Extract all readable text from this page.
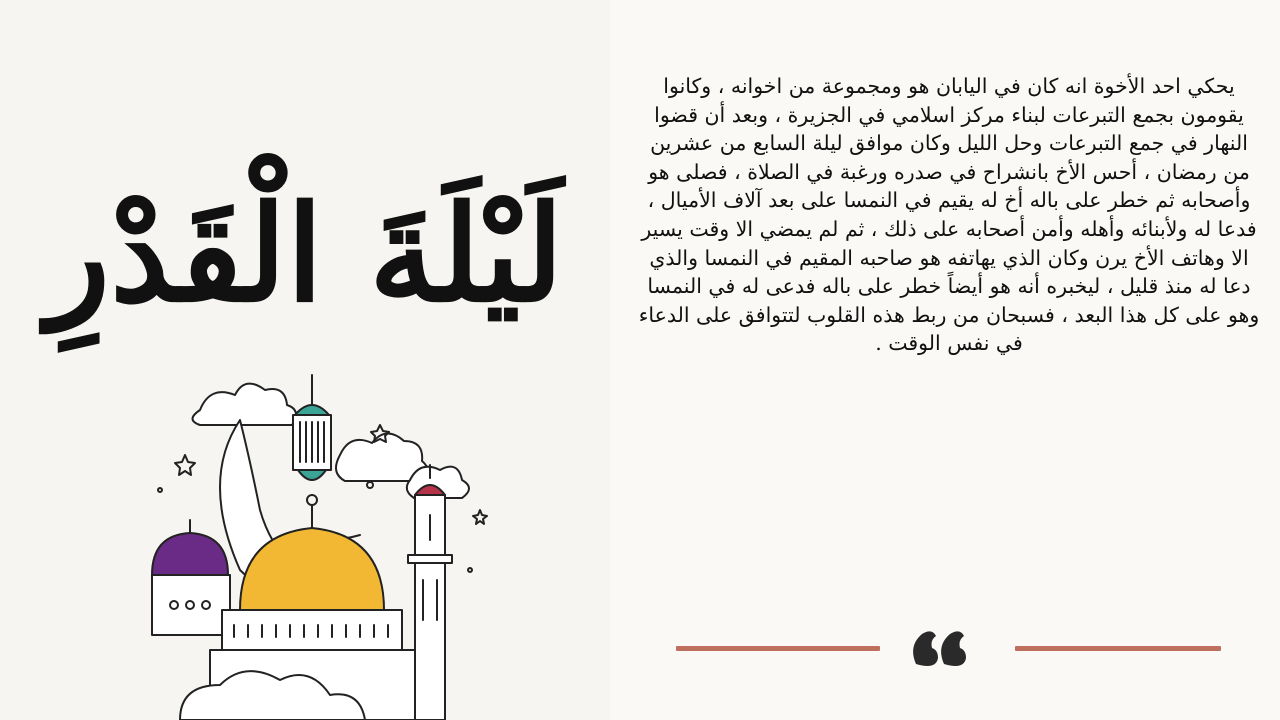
لَيْلَةَ الْقَدْرِ

يحكي احد الأخوة انه كان في اليابان هو ومجموعة من اخوانه ، وكانوا يقومون بجمع التبرعات لبناء مركز اسلامي في الجزيرة ، وبعد أن قضوا النهار في جمع التبرعات وحل الليل وكان موافق ليلة السابع من عشرين من رمضان ، أحس الأخ بانشراح في صدره ورغبة في الصلاة ، فصلى هو وأصحابه ثم خطر على باله أخ له يقيم في النمسا على بعد آلاف الأميال ، فدعا له ولأبنائه وأهله وأمن أصحابه على ذلك ، ثم لم يمضي الا وقت يسير الا وهاتف الأخ يرن وكان الذي يهاتفه هو صاحبه المقيم في النمسا والذي دعا له منذ قليل ، ليخبره أنه هو أيضاً خطر على باله فدعى له في النمسا وهو على كل هذا البعد ، فسبحان من ربط هذه القلوب لتتوافق على الدعاء في نفس الوقت .
